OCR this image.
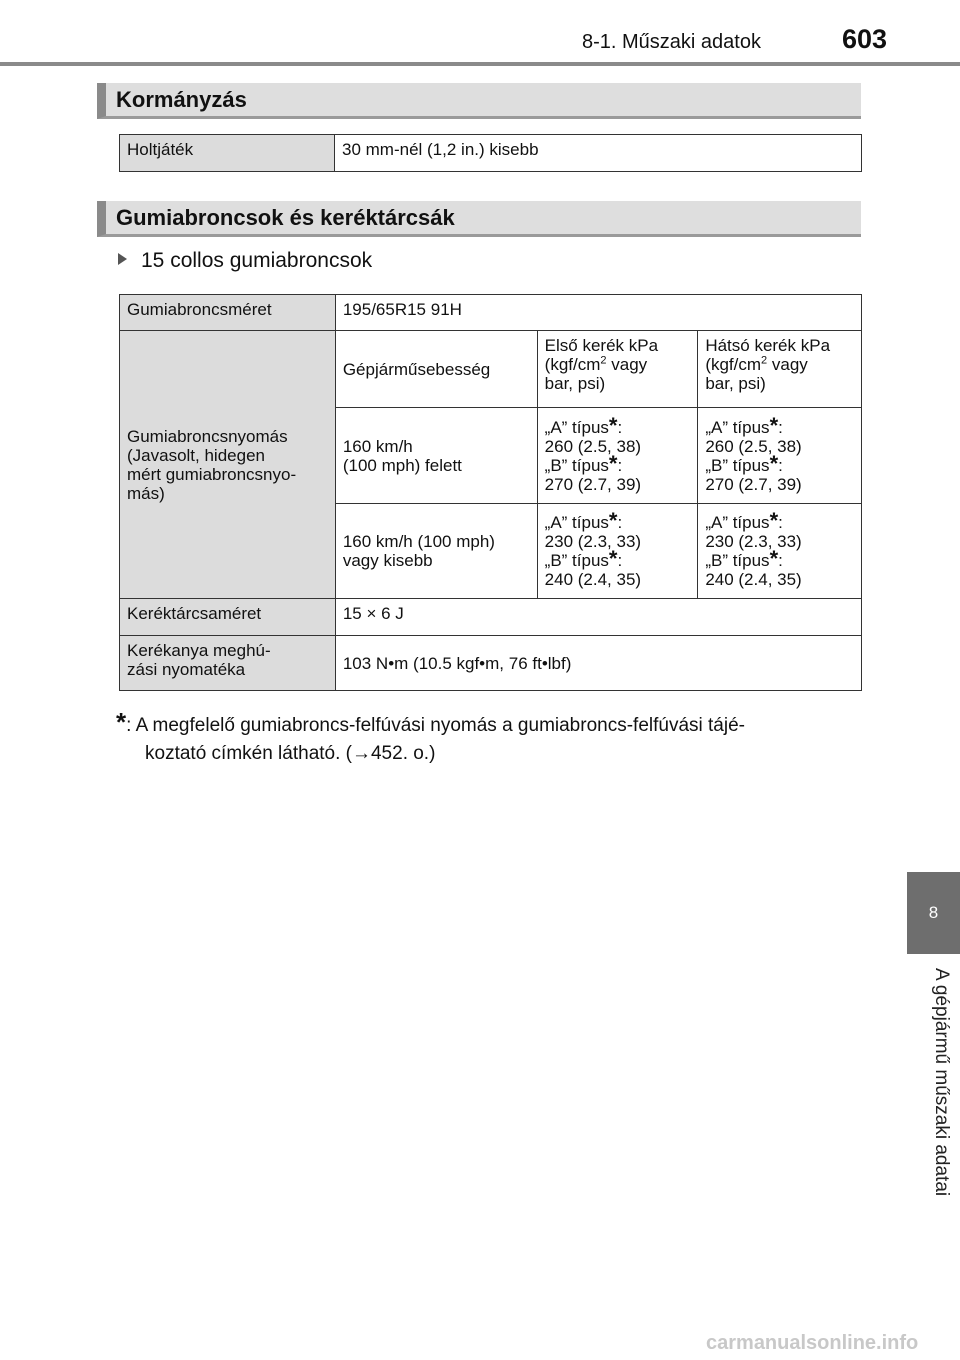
8-1. Műszaki adatok	603
8
A gépjármű műszaki adatai
Kormányzás
Holtjáték	30 mm-nél (1,2 in.) kisebb
Gumiabroncsok és keréktárcsák
15 collos gumiabroncsok
Gumiabroncsméret	195/65R15 91H		
Gumiabroncsnyomás
(Javasolt, hidegen
mért gumiabroncsnyo-
más)	Gépjárműsebesség	Első kerék kPa
($kgf/cm^2$ vagy
bar, psi)	Hátsó kerék kPa
($kgf/cm^2$ vagy
bar, psi)
	160 km/h
(100 mph) felett	„A” típus*:
260 (2.5, 38)
„B” típus*:
270 (2.7, 39)	„A” típus*:
260 (2.5, 38)
„B” típus*:
270 (2.7, 39)
	160 km/h (100 mph)
vagy kisebb	„A” típus*:
230 (2.3, 33)
„B” típus*:
240 (2.4, 35)	„A” típus*:
230 (2.3, 33)
„B” típus*:
240 (2.4, 35)
Keréktárcsaméret	15 × 6 J		
Kerékanya meghú-
zási nyomatéka	103 N•m (10.5 kgf•m, 76 ft•lbf)		
*: A megfelelő gumiabroncs-felfúvási nyomás a gumiabroncs-felfúvási tájé-
koztató címkén látható. (→452. o.)
carmanualsonline.info
